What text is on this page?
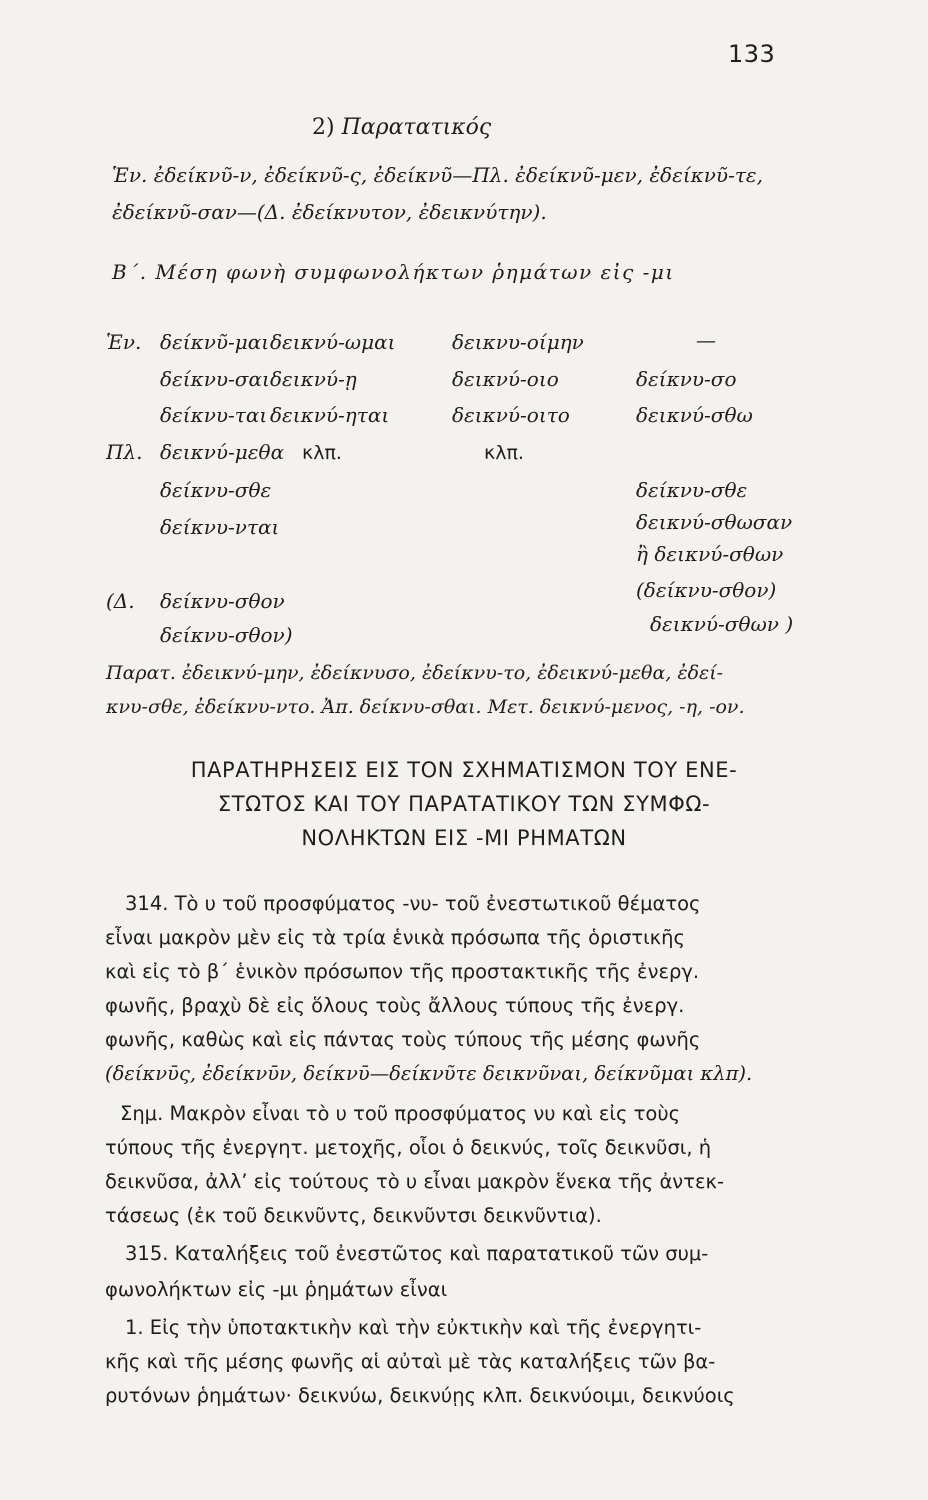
133
2) Παρατατικός
Ἑν. ἐδείκνῦ-ν, ἐδείκνῦ-ς, ἐδείκνῦ—Πλ. ἐδείκνῦ-μεν, ἐδείκνῦ-τε,
ἐδείκνῦ-σαν—(Δ. ἐδείκνυτον, ἐδεικνύτην).
Β΄. Μέση φωνὴ συμφωνολήκτων ῥημάτων εἰς -μι
Ἑν.
Πλ.
(Δ.
δείκνῦ-μαι
δείκνυ-σαι
δείκνυ-ται
δεικνύ-μεθα
δείκνυ-σθε
δείκνυ-νται
δείκνυ-σθον
δείκνυ-σθον)
δεικνύ-ωμαι
δεικνύ-ῃ
δεικνύ-ηται
κλπ.
δεικνυ-οίμην
δεικνύ-οιο
δεικνύ-οιτο
κλπ.
—
δείκνυ-σο
δεικνύ-σθω
δείκνυ-σθε
δεικνύ-σθωσαν
ἢ δεικνύ-σθων
(δείκνυ-σθον)
δεικνύ-σθων )
Παρατ. ἐδεικνύ-μην, ἐδείκνυσο, ἐδείκνυ-το, ἐδεικνύ-μεθα, ἐδεί-
κνυ-σθε, ἐδείκνυ-ντο. Ἀπ. δείκνυ-σθαι. Μετ. δεικνύ-μενος, -η, -ον.
ΠΑΡΑΤΗΡΗΣΕΙΣ ΕΙΣ ΤΟΝ ΣΧΗΜΑΤΙΣΜΟΝ ΤΟΥ ΕΝΕ-
ΣΤΩΤΟΣ ΚΑΙ ΤΟΥ ΠΑΡΑΤΑΤΙΚΟΥ ΤΩΝ ΣΥΜΦΩ-
ΝΟΛΗΚΤΩΝ ΕΙΣ -ΜΙ ΡΗΜΑΤΩΝ
314. Τὸ υ τοῦ προσφύματος -νυ- τοῦ ἐνεστωτικοῦ θέματος
εἶναι μακρὸν μὲν εἰς τὰ τρία ἑνικὰ πρόσωπα τῆς ὁριστικῆς
καὶ εἰς τὸ β΄ ἑνικὸν πρόσωπον τῆς προστακτικῆς τῆς ἐνεργ.
φωνῆς, βραχὺ δὲ εἰς ὅλους τοὺς ἄλλους τύπους τῆς ἐνεργ.
φωνῆς, καθὼς καὶ εἰς πάντας τοὺς τύπους τῆς μέσης φωνῆς
(δείκνῡς, ἐδείκνῡν, δείκνῡ—δείκνῦτε δεικνῦναι, δείκνῦμαι κλπ).
Σημ. Μακρὸν εἶναι τὸ υ τοῦ προσφύματος νυ καὶ εἰς τοὺς
τύπους τῆς ἐνεργητ. μετοχῆς, οἷοι ὁ δεικνύς, τοῖς δεικνῦσι, ἡ
δεικνῦσα, ἀλλ’ εἰς τούτους τὸ υ εἶναι μακρὸν ἕνεκα τῆς ἀντεκ-
τάσεως (ἐκ τοῦ δεικνῦντς, δεικνῦντσι δεικνῦντια).
315. Καταλήξεις τοῦ ἐνεστῶτος καὶ παρατατικοῦ τῶν συμ-
φωνολήκτων εἰς -μι ῥημάτων εἶναι
1. Εἰς τὴν ὑποτακτικὴν καὶ τὴν εὐκτικὴν καὶ τῆς ἐνεργητι-
κῆς καὶ τῆς μέσης φωνῆς αἱ αὐταὶ μὲ τὰς καταλήξεις τῶν βα-
ρυτόνων ῥημάτων· δεικνύω, δεικνύῃς κλπ. δεικνύοιμι, δεικνύοις
